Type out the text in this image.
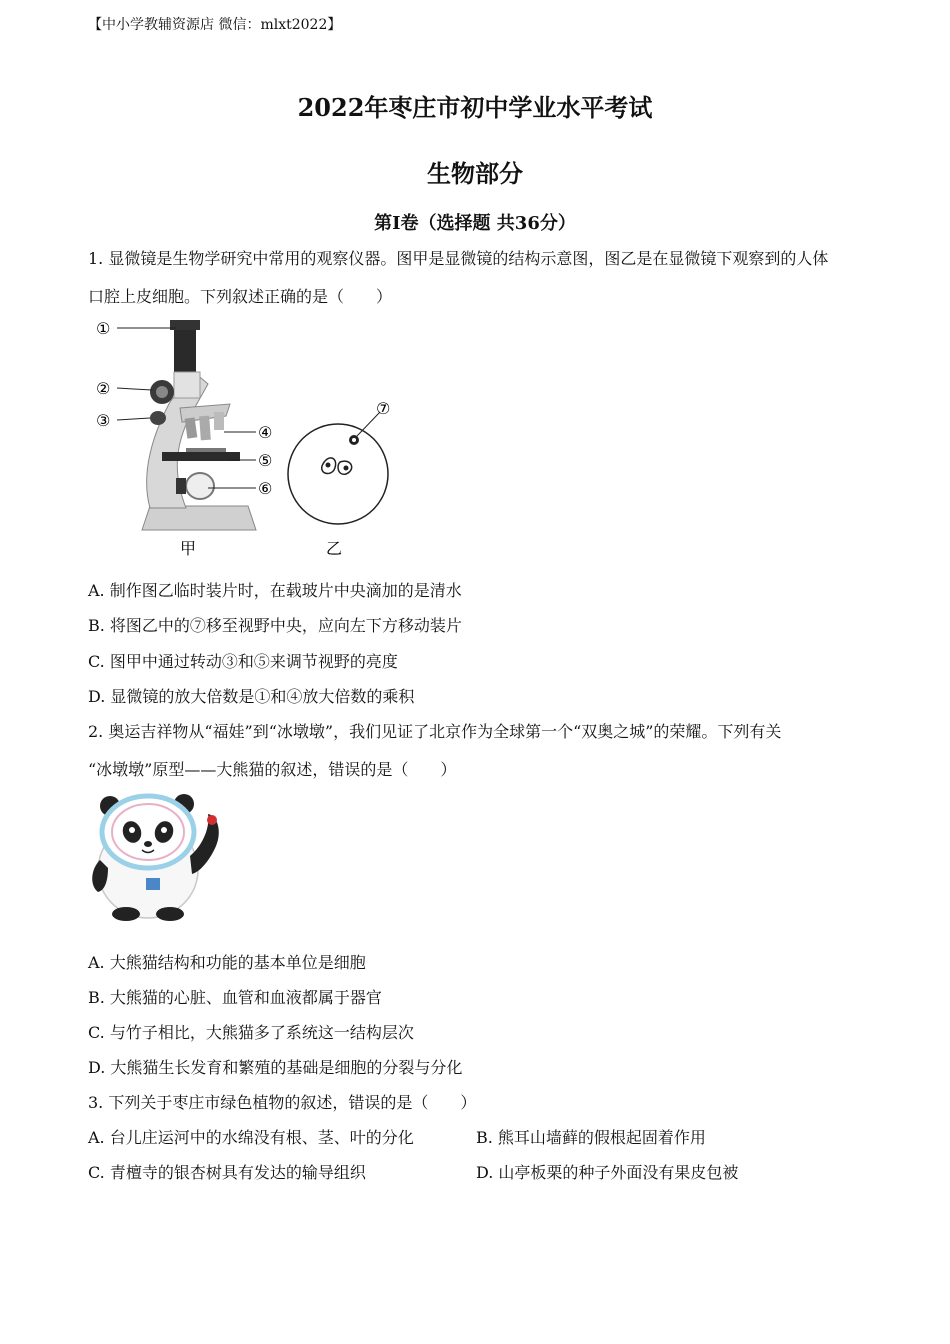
【中小学教辅资源店 微信：mlxt2022】
2022年枣庄市初中学业水平考试
生物部分
第Ⅰ卷（选择题 共36分）
1. 显微镜是生物学研究中常用的观察仪器。图甲是显微镜的结构示意图，图乙是在显微镜下观察到的人体
口腔上皮细胞。下列叙述正确的是（　　）
①
②
③
④
⑤
⑥
⑦
甲	乙
A. 制作图乙临时装片时，在载玻片中央滴加的是清水
B. 将图乙中的⑦移至视野中央，应向左下方移动装片
C. 图甲中通过转动③和⑤来调节视野的亮度
D. 显微镜的放大倍数是①和④放大倍数的乘积
2. 奥运吉祥物从“福娃”到“冰墩墩”，我们见证了北京作为全球第一个“双奥之城”的荣耀。下列有关
“冰墩墩”原型——大熊猫的叙述，错误的是（　　）
A. 大熊猫结构和功能的基本单位是细胞
B. 大熊猫的心脏、血管和血液都属于器官
C. 与竹子相比，大熊猫多了系统这一结构层次
D. 大熊猫生长发育和繁殖的基础是细胞的分裂与分化
3. 下列关于枣庄市绿色植物的叙述，错误的是（　　）
A. 台儿庄运河中的水绵没有根、茎、叶的分化	B. 熊耳山墙藓的假根起固着作用
C. 青檀寺的银杏树具有发达的输导组织	D. 山亭板栗的种子外面没有果皮包被
